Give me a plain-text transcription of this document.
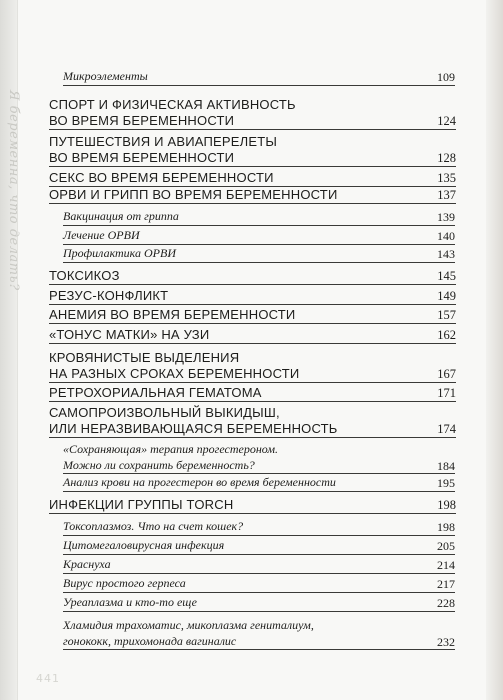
Я беременна, что делать?
441
Микроэлементы	109
СПОРТ И ФИЗИЧЕСКАЯ АКТИВНОСТЬ
ВО ВРЕМЯ БЕРЕМЕННОСТИ	124
ПУТЕШЕСТВИЯ И АВИАПЕРЕЛЕТЫ
ВО ВРЕМЯ БЕРЕМЕННОСТИ	128
СЕКС ВО ВРЕМЯ БЕРЕМЕННОСТИ	135
ОРВИ И ГРИПП ВО ВРЕМЯ БЕРЕМЕННОСТИ	137
Вакцинация от гриппа	139
Лечение ОРВИ	140
Профилактика ОРВИ	143
ТОКСИКОЗ	145
РЕЗУС-КОНФЛИКТ	149
АНЕМИЯ ВО ВРЕМЯ БЕРЕМЕННОСТИ	157
«ТОНУС МАТКИ» НА УЗИ	162
КРОВЯНИСТЫЕ ВЫДЕЛЕНИЯ
НА РАЗНЫХ СРОКАХ БЕРЕМЕННОСТИ	167
РЕТРОХОРИАЛЬНАЯ ГЕМАТОМА	171
САМОПРОИЗВОЛЬНЫЙ ВЫКИДЫШ,
ИЛИ НЕРАЗВИВАЮЩАЯСЯ БЕРЕМЕННОСТЬ	174
«Сохраняющая» терапия прогестероном.
Можно ли сохранить беременность?	184
Анализ крови на прогестерон во время беременности	195
ИНФЕКЦИИ ГРУППЫ TORCH	198
Токсоплазмоз. Что на счет кошек?	198
Цитомегаловирусная инфекция	205
Краснуха	214
Вирус простого герпеса	217
Уреаплазма и кто-то еще	228
Хламидия трахоматис, микоплазма гениталиум,
гонококк, трихомонада вагиналис	232
